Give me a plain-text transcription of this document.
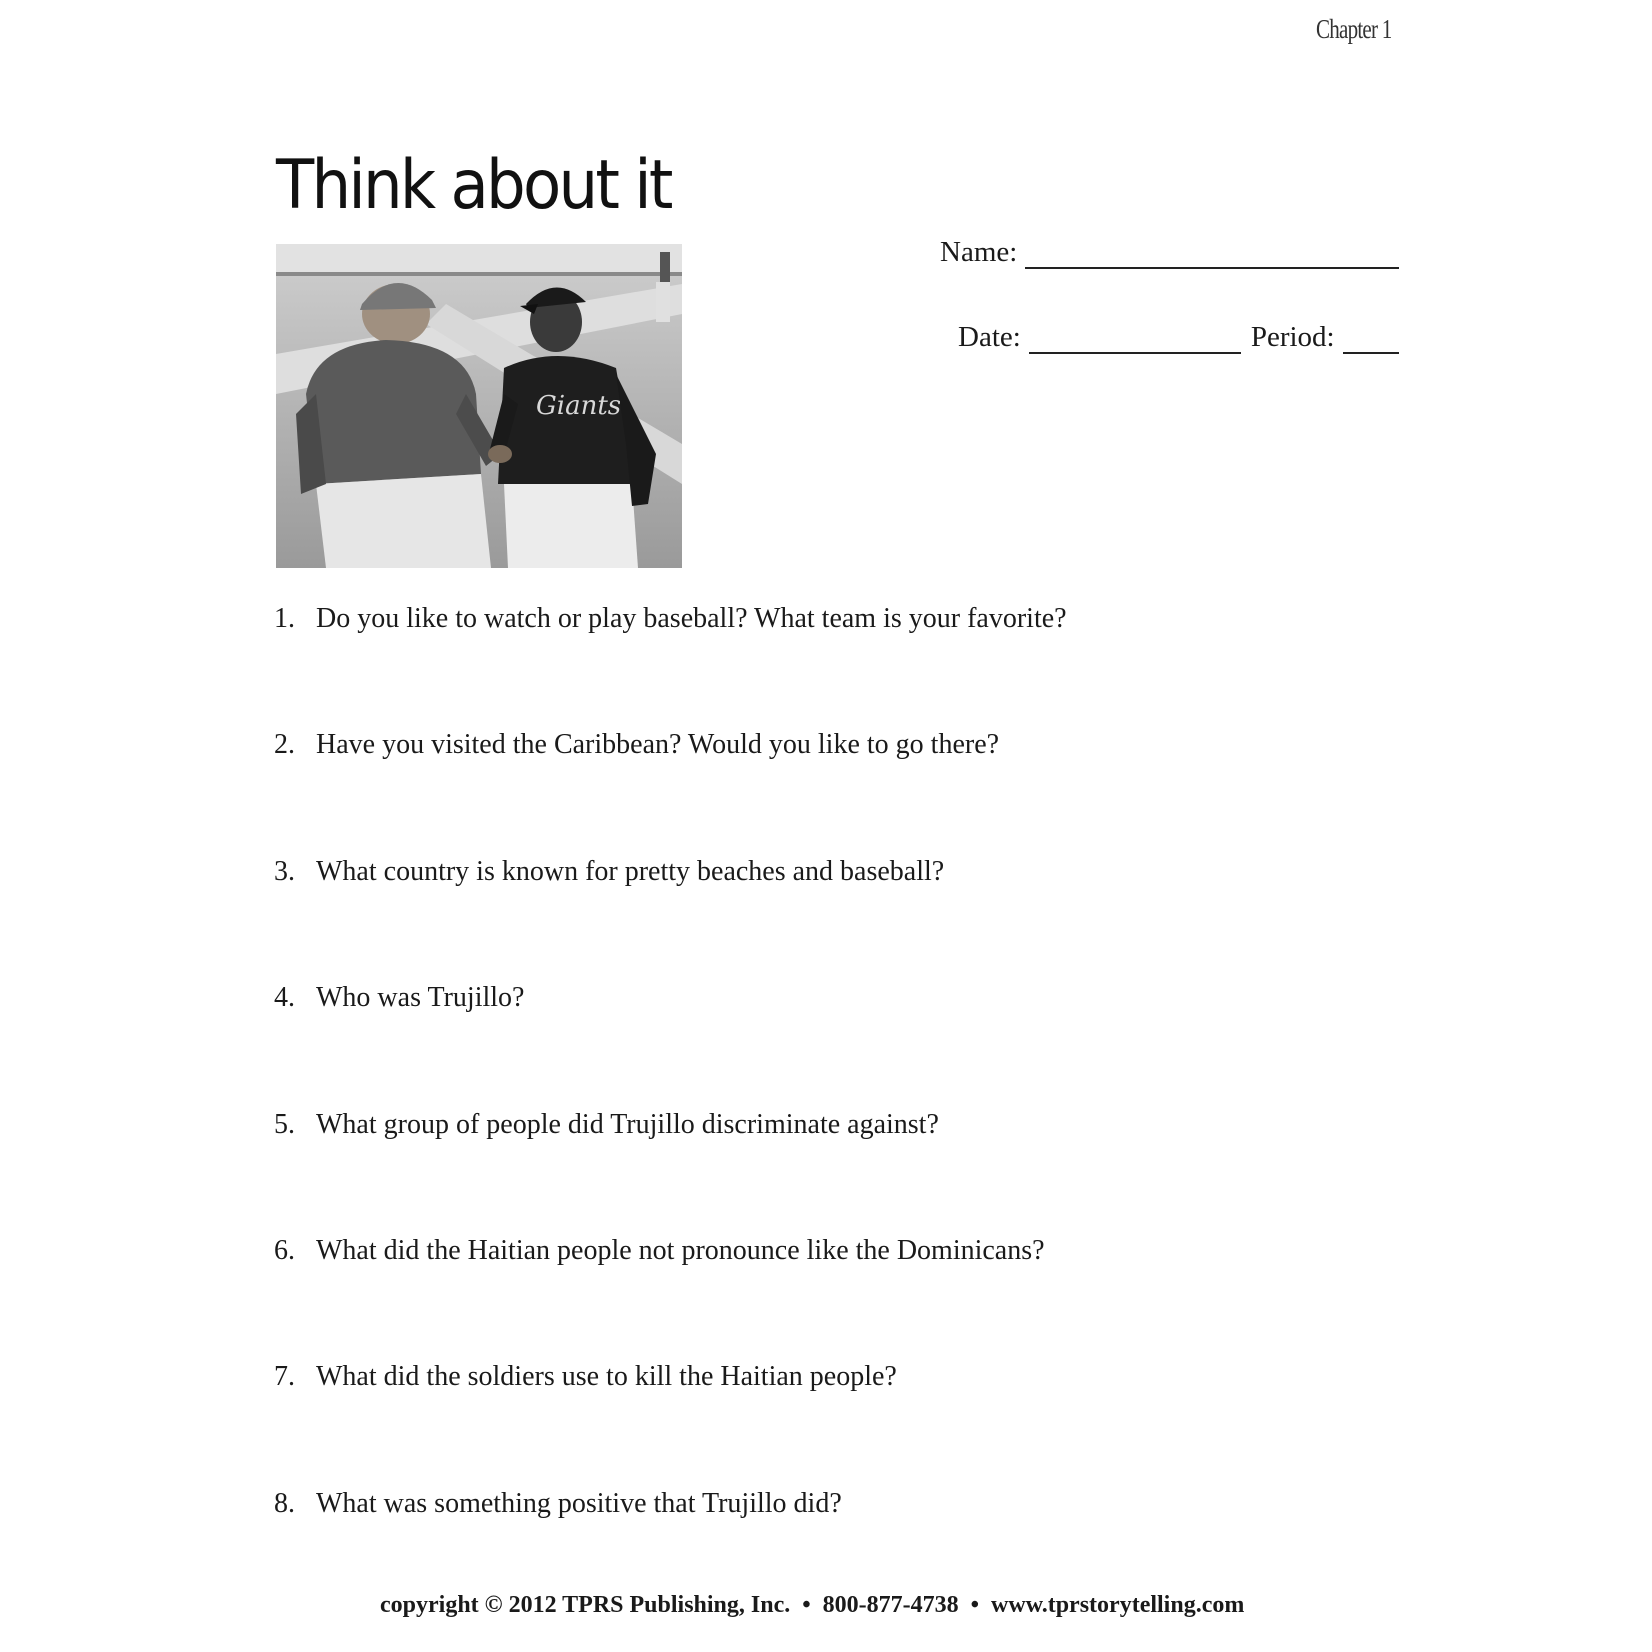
Chapter 1
Think about it
Giants
Name:
Date:	Period:
1. Do you like to watch or play baseball? What team is your favorite?
2. Have you visited the Caribbean? Would you like to go there?
3. What country is known for pretty beaches and baseball?
4. Who was Trujillo?
5. What group of people did Trujillo discriminate against?
6. What did the Haitian people not pronounce like the Dominicans?
7. What did the soldiers use to kill the Haitian people?
8. What was something positive that Trujillo did?
copyright © 2012 TPRS Publishing, Inc. • 800-877-4738 • www.tprstorytelling.com
